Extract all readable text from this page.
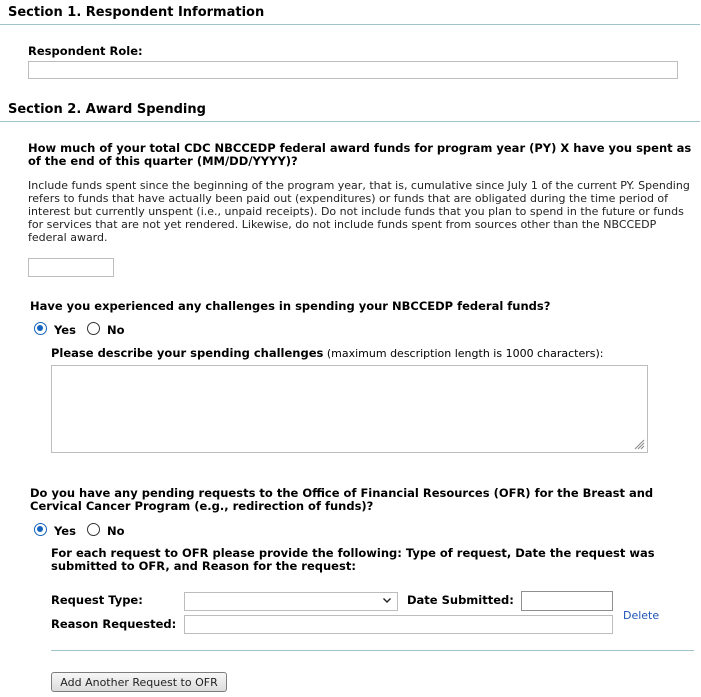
Section 1. Respondent Information
Respondent Role:
Section 2. Award Spending
How much of your total CDC NBCCEDP federal award funds for program year (PY) X have you spent as of the end of this quarter (MM/DD/YYYY)?
Include funds spent since the beginning of the program year, that is, cumulative since July 1 of the current PY. Spending refers to funds that have actually been paid out (expenditures) or funds that are obligated during the time period of interest but currently unspent (i.e., unpaid receipts). Do not include funds that you plan to spend in the future or funds for services that are not yet rendered. Likewise, do not include funds spent from sources other than the NBCCEDP federal award.
Have you experienced any challenges in spending your NBCCEDP federal funds?
Yes	No
Please describe your spending challenges (maximum description length is 1000 characters):
Do you have any pending requests to the Office of Financial Resources (OFR) for the Breast and Cervical Cancer Program (e.g., redirection of funds)?
Yes	No
For each request to OFR please provide the following: Type of request, Date the request was submitted to OFR, and Reason for the request:
Request Type:	Date Submitted:
Delete
Reason Requested:
Add Another Request to OFR
